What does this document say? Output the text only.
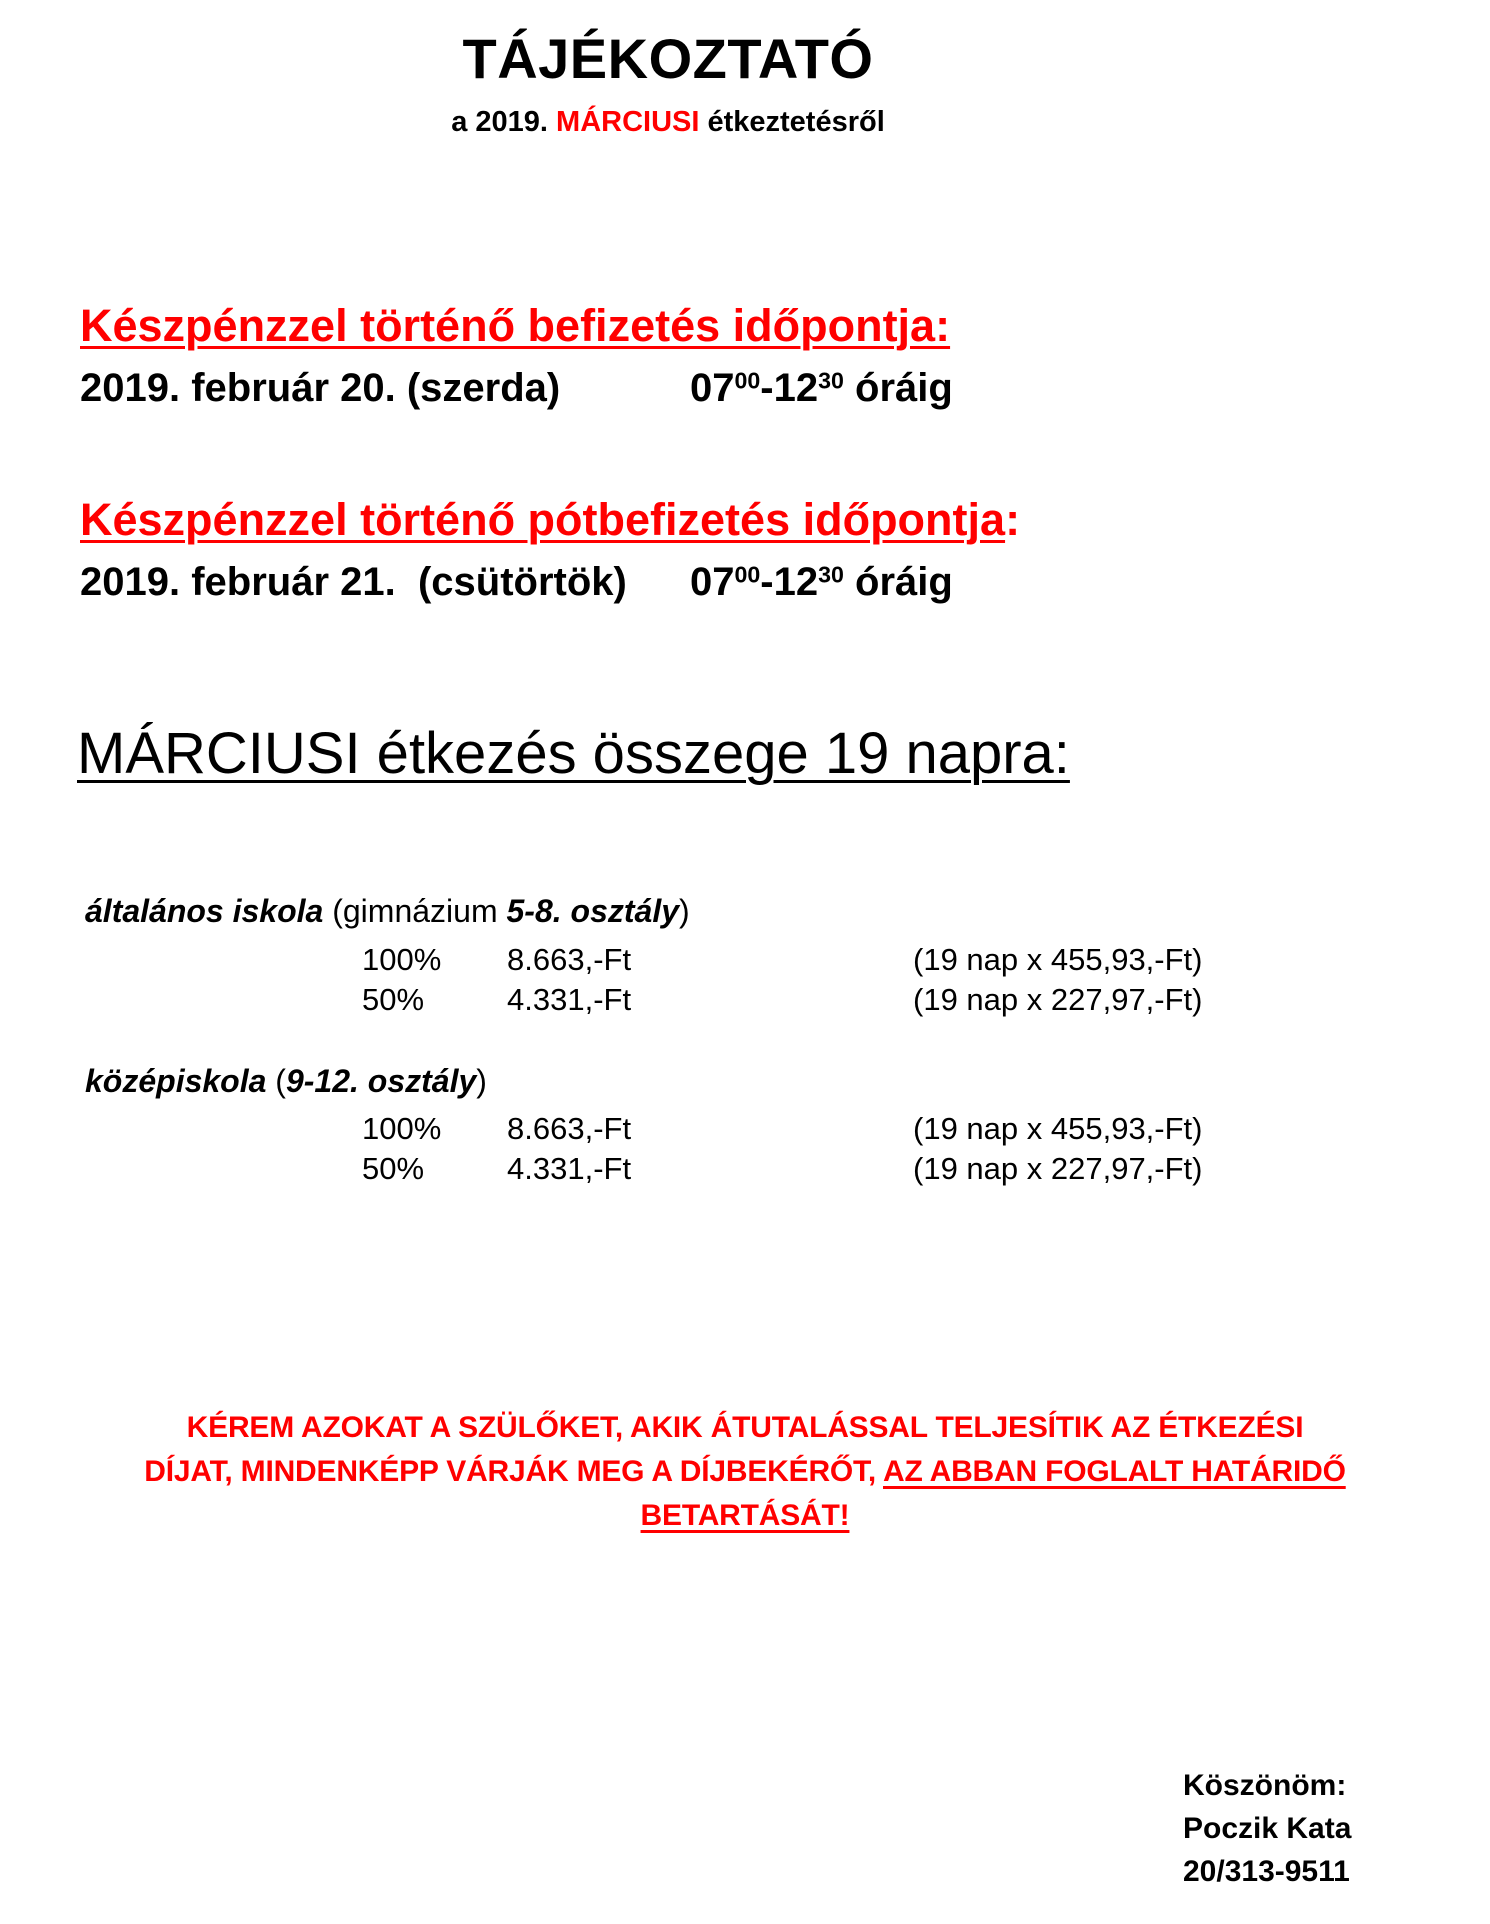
TÁJÉKOZTATÓ
a 2019. MÁRCIUSI étkeztetésről
Készpénzzel történő befizetés időpontja:
2019. február 20. (szerda)	$07^{00}-12^{30}$ óráig
Készpénzzel történő pótbefizetés időpontja:
2019. február 21.  (csütörtök) $07^{00}-12^{30}$ óráig
MÁRCIUSI étkezés összege 19 napra:
általános iskola (gimnázium 5-8. osztály)
100% 8.663,-Ft	(19 nap x 455,93,-Ft)
50%	4.331,-Ft	(19 nap x 227,97,-Ft)
középiskola (9-12. osztály)
100% 8.663,-Ft	(19 nap x 455,93,-Ft)
50%	4.331,-Ft	(19 nap x 227,97,-Ft)
KÉREM AZOKAT A SZÜLŐKET, AKIK ÁTUTALÁSSAL TELJESÍTIK AZ ÉTKEZÉSI
DÍJAT, MINDENKÉPP VÁRJÁK MEG A DÍJBEKÉRŐT, AZ ABBAN FOGLALT HATÁRIDŐ
BETARTÁSÁT!
Köszönöm:
Poczik Kata
20/313-9511
